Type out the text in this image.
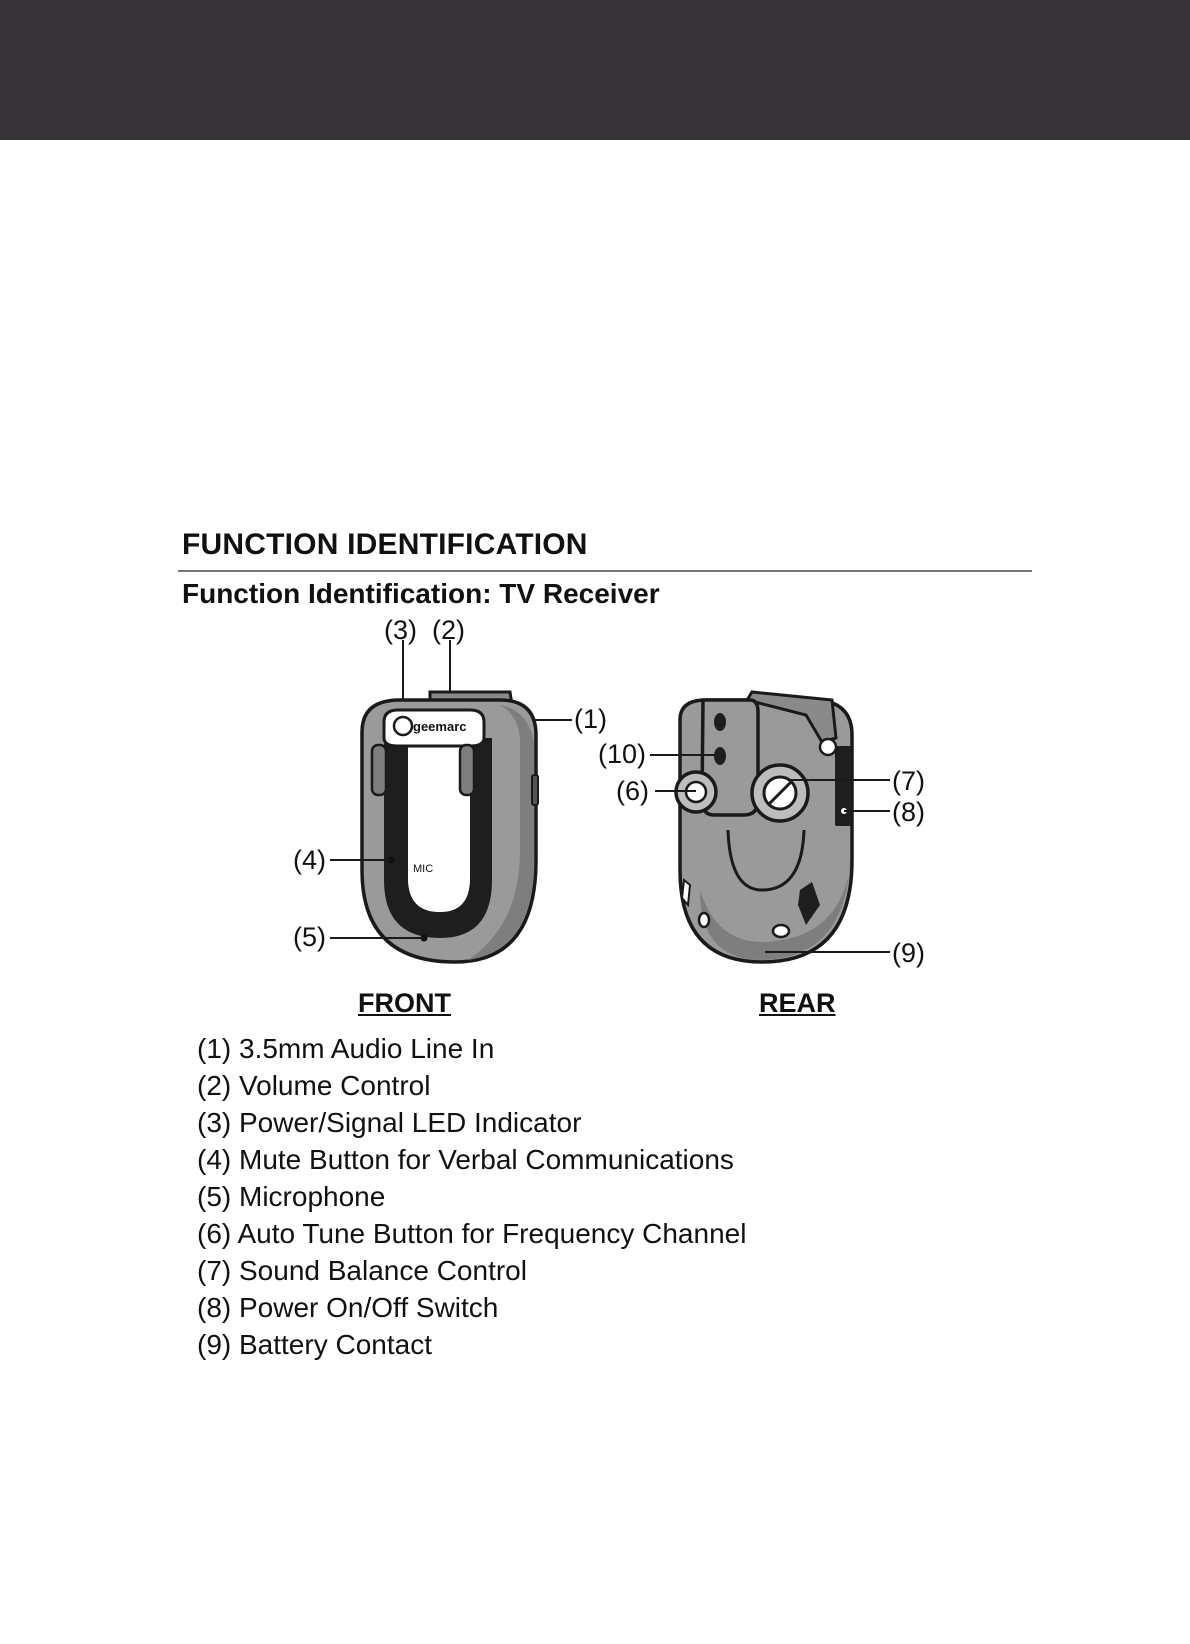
FUNCTION IDENTIFICATION
Function Identification: TV Receiver
geemarc
MIC
(3) (2)
(1)
(4)
(5)
(10)
(6)	(7)
(8)
(9)
FRONT	REAR
(1) 3.5mm Audio Line In
(2) Volume Control
(3) Power/Signal LED Indicator
(4) Mute Button for Verbal Communications
(5) Microphone
(6) Auto Tune Button for Frequency Channel
(7) Sound Balance Control
(8) Power On/Off Switch
(9) Battery Contact
